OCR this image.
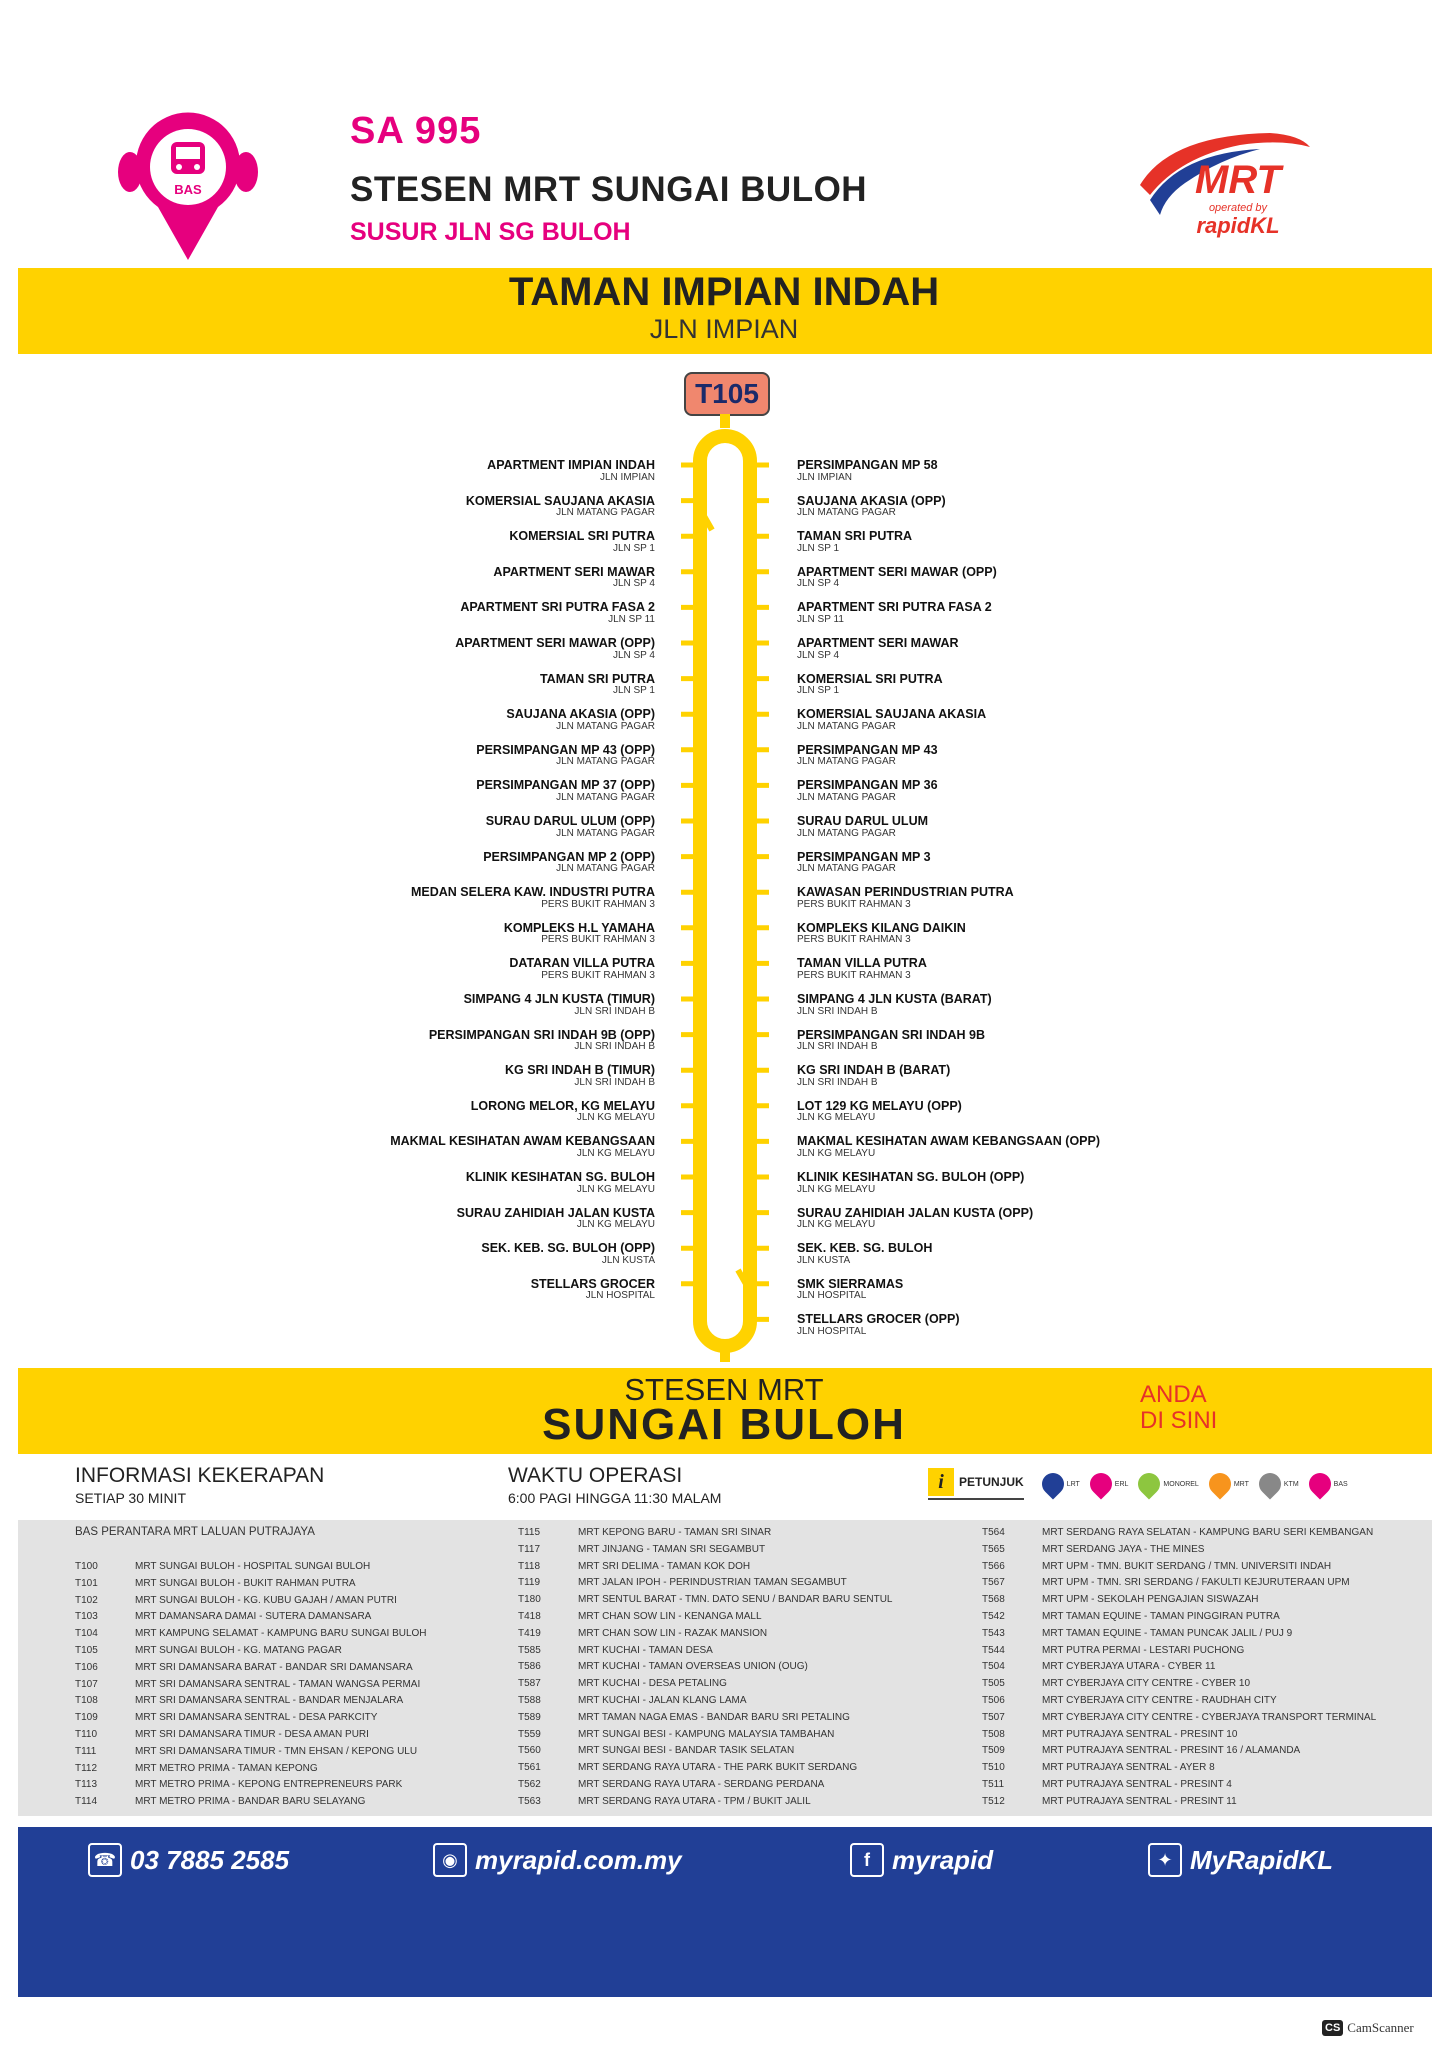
BAS
SA 995
STESEN MRT SUNGAI BULOH
SUSUR JLN SG BULOH
MRT
operated by
rapidKL
TAMAN IMPIAN INDAH
JLN IMPIAN
T105
APARTMENT IMPIAN INDAH
JLN IMPIAN
KOMERSIAL SAUJANA AKASIA
JLN MATANG PAGAR
KOMERSIAL SRI PUTRA
JLN SP 1
APARTMENT SERI MAWAR
JLN SP 4
APARTMENT SRI PUTRA FASA 2
JLN SP 11
APARTMENT SERI MAWAR (OPP)
JLN SP 4
TAMAN SRI PUTRA
JLN SP 1
SAUJANA AKASIA (OPP)
JLN MATANG PAGAR
PERSIMPANGAN MP 43 (OPP)
JLN MATANG PAGAR
PERSIMPANGAN MP 37 (OPP)
JLN MATANG PAGAR
SURAU DARUL ULUM (OPP)
JLN MATANG PAGAR
PERSIMPANGAN MP 2 (OPP)
JLN MATANG PAGAR
MEDAN SELERA KAW. INDUSTRI PUTRA
PERS BUKIT RAHMAN 3
KOMPLEKS H.L YAMAHA
PERS BUKIT RAHMAN 3
DATARAN VILLA PUTRA
PERS BUKIT RAHMAN 3
SIMPANG 4 JLN KUSTA (TIMUR)
JLN SRI INDAH B
PERSIMPANGAN SRI INDAH 9B (OPP)
JLN SRI INDAH B
KG SRI INDAH B (TIMUR)
JLN SRI INDAH B
LORONG MELOR, KG MELAYU
JLN KG MELAYU
MAKMAL KESIHATAN AWAM KEBANGSAAN
JLN KG MELAYU
KLINIK KESIHATAN SG. BULOH
JLN KG MELAYU
SURAU ZAHIDIAH JALAN KUSTA
JLN KG MELAYU
SEK. KEB. SG. BULOH (OPP)
JLN KUSTA
STELLARS GROCER
JLN HOSPITAL
PERSIMPANGAN MP 58
JLN IMPIAN
SAUJANA AKASIA (OPP)
JLN MATANG PAGAR
TAMAN SRI PUTRA
JLN SP 1
APARTMENT SERI MAWAR (OPP)
JLN SP 4
APARTMENT SRI PUTRA FASA 2
JLN SP 11
APARTMENT SERI MAWAR
JLN SP 4
KOMERSIAL SRI PUTRA
JLN SP 1
KOMERSIAL SAUJANA AKASIA
JLN MATANG PAGAR
PERSIMPANGAN MP 43
JLN MATANG PAGAR
PERSIMPANGAN MP 36
JLN MATANG PAGAR
SURAU DARUL ULUM
JLN MATANG PAGAR
PERSIMPANGAN MP 3
JLN MATANG PAGAR
KAWASAN PERINDUSTRIAN PUTRA
PERS BUKIT RAHMAN 3
KOMPLEKS KILANG DAIKIN
PERS BUKIT RAHMAN 3
TAMAN VILLA PUTRA
PERS BUKIT RAHMAN 3
SIMPANG 4 JLN KUSTA (BARAT)
JLN SRI INDAH B
PERSIMPANGAN SRI INDAH 9B
JLN SRI INDAH B
KG SRI INDAH B (BARAT)
JLN SRI INDAH B
LOT 129 KG MELAYU (OPP)
JLN KG MELAYU
MAKMAL KESIHATAN AWAM KEBANGSAAN (OPP)
JLN KG MELAYU
KLINIK KESIHATAN SG. BULOH (OPP)
JLN KG MELAYU
SURAU ZAHIDIAH JALAN KUSTA (OPP)
JLN KG MELAYU
SEK. KEB. SG. BULOH
JLN KUSTA
SMK SIERRAMAS
JLN HOSPITAL
STELLARS GROCER (OPP)
JLN HOSPITAL
STESEN MRT
SUNGAI BULOH
ANDA
DI SINI
INFORMASI KEKERAPAN
SETIAP 30 MINIT
WAKTU OPERASI
6:00 PAGI HINGGA 11:30 MALAM
i	PETUNJUK	LRT	ERL	MONOREL	MRT	KTM	BAS
BAS PERANTARA MRT LALUAN PUTRAJAYA
T100	MRT SUNGAI BULOH - HOSPITAL SUNGAI BULOH
T101	MRT SUNGAI BULOH - BUKIT RAHMAN PUTRA
T102	MRT SUNGAI BULOH - KG. KUBU GAJAH / AMAN PUTRI
T103	MRT DAMANSARA DAMAI - SUTERA DAMANSARA
T104	MRT KAMPUNG SELAMAT - KAMPUNG BARU SUNGAI BULOH
T105	MRT SUNGAI BULOH - KG. MATANG PAGAR
T106	MRT SRI DAMANSARA BARAT - BANDAR SRI DAMANSARA
T107	MRT SRI DAMANSARA SENTRAL - TAMAN WANGSA PERMAI
T108	MRT SRI DAMANSARA SENTRAL - BANDAR MENJALARA
T109	MRT SRI DAMANSARA SENTRAL - DESA PARKCITY
T110	MRT SRI DAMANSARA TIMUR - DESA AMAN PURI
T111	MRT SRI DAMANSARA TIMUR - TMN EHSAN / KEPONG ULU
T112	MRT METRO PRIMA - TAMAN KEPONG
T113	MRT METRO PRIMA - KEPONG ENTREPRENEURS PARK
T114	MRT METRO PRIMA - BANDAR BARU SELAYANG
T115	MRT KEPONG BARU - TAMAN SRI SINAR
T117	MRT JINJANG - TAMAN SRI SEGAMBUT
T118	MRT SRI DELIMA - TAMAN KOK DOH
T119	MRT JALAN IPOH - PERINDUSTRIAN TAMAN SEGAMBUT
T180	MRT SENTUL BARAT - TMN. DATO SENU / BANDAR BARU SENTUL
T418	MRT CHAN SOW LIN - KENANGA MALL
T419	MRT CHAN SOW LIN - RAZAK MANSION
T585	MRT KUCHAI - TAMAN DESA
T586	MRT KUCHAI - TAMAN OVERSEAS UNION (OUG)
T587	MRT KUCHAI - DESA PETALING
T588	MRT KUCHAI - JALAN KLANG LAMA
T589	MRT TAMAN NAGA EMAS - BANDAR BARU SRI PETALING
T559	MRT SUNGAI BESI - KAMPUNG MALAYSIA TAMBAHAN
T560	MRT SUNGAI BESI - BANDAR TASIK SELATAN
T561	MRT SERDANG RAYA UTARA - THE PARK BUKIT SERDANG
T562	MRT SERDANG RAYA UTARA - SERDANG PERDANA
T563	MRT SERDANG RAYA UTARA - TPM / BUKIT JALIL
T564	MRT SERDANG RAYA SELATAN - KAMPUNG BARU SERI KEMBANGAN
T565	MRT SERDANG JAYA - THE MINES
T566	MRT UPM - TMN. BUKIT SERDANG / TMN. UNIVERSITI INDAH
T567	MRT UPM - TMN. SRI SERDANG / FAKULTI KEJURUTERAAN UPM
T568	MRT UPM - SEKOLAH PENGAJIAN SISWAZAH
T542	MRT TAMAN EQUINE - TAMAN PINGGIRAN PUTRA
T543	MRT TAMAN EQUINE - TAMAN PUNCAK JALIL / PUJ 9
T544	MRT PUTRA PERMAI - LESTARI PUCHONG
T504	MRT CYBERJAYA UTARA - CYBER 11
T505	MRT CYBERJAYA CITY CENTRE - CYBER 10
T506	MRT CYBERJAYA CITY CENTRE - RAUDHAH CITY
T507	MRT CYBERJAYA CITY CENTRE - CYBERJAYA TRANSPORT TERMINAL
T508	MRT PUTRAJAYA SENTRAL - PRESINT 10
T509	MRT PUTRAJAYA SENTRAL - PRESINT 16 / ALAMANDA
T510	MRT PUTRAJAYA SENTRAL - AYER 8
T511	MRT PUTRAJAYA SENTRAL - PRESINT 4
T512	MRT PUTRAJAYA SENTRAL - PRESINT 11
☎ 03 7885 2585	◉ myrapid.com.my	f myrapid	✦ MyRapidKL
CS CamScanner
